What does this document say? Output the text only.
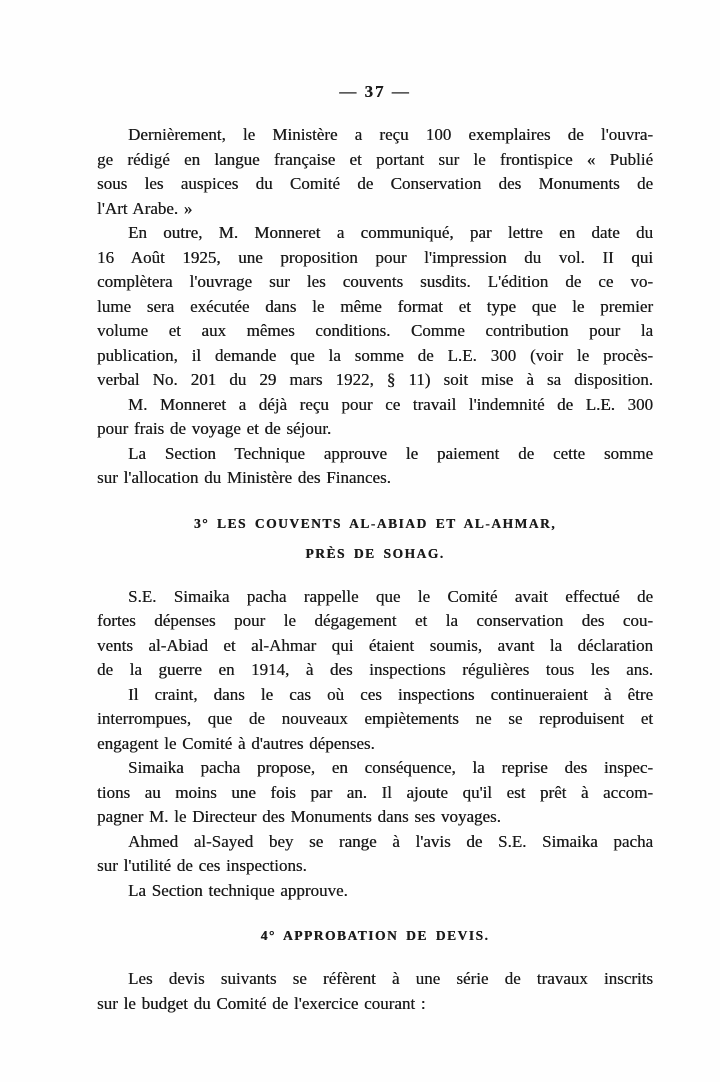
— 37 —
Dernièrement, le Ministère a reçu 100 exemplaires de l'ouvra-
ge rédigé en langue française et portant sur le frontispice « Publié
sous les auspices du Comité de Conservation des Monuments de
l'Art Arabe. »
En outre, M. Monneret a communiqué, par lettre en date du
16 Août 1925, une proposition pour l'impression du vol. II qui
complètera l'ouvrage sur les couvents susdits. L'édition de ce vo-
lume sera exécutée dans le même format et type que le premier
volume et aux mêmes conditions. Comme contribution pour la
publication, il demande que la somme de L.E. 300 (voir le procès-
verbal No. 201 du 29 mars 1922, § 11) soit mise à sa disposition.
M. Monneret a déjà reçu pour ce travail l'indemnité de L.E. 300
pour frais de voyage et de séjour.
La Section Technique approuve le paiement de cette somme
sur l'allocation du Ministère des Finances.
3° LES COUVENTS AL-ABIAD ET AL-AHMAR,
PRÈS DE SOHAG.
S.E. Simaika pacha rappelle que le Comité avait effectué de
fortes dépenses pour le dégagement et la conservation des cou-
vents al-Abiad et al-Ahmar qui étaient soumis, avant la déclaration
de la guerre en 1914, à des inspections régulières tous les ans.
Il craint, dans le cas où ces inspections continueraient à être
interrompues, que de nouveaux empiètements ne se reproduisent et
engagent le Comité à d'autres dépenses.
Simaika pacha propose, en conséquence, la reprise des inspec-
tions au moins une fois par an. Il ajoute qu'il est prêt à accom-
pagner M. le Directeur des Monuments dans ses voyages.
Ahmed al-Sayed bey se range à l'avis de S.E. Simaika pacha
sur l'utilité de ces inspections.
La Section technique approuve.
4° APPROBATION DE DEVIS.
Les devis suivants se réfèrent à une série de travaux inscrits
sur le budget du Comité de l'exercice courant :
